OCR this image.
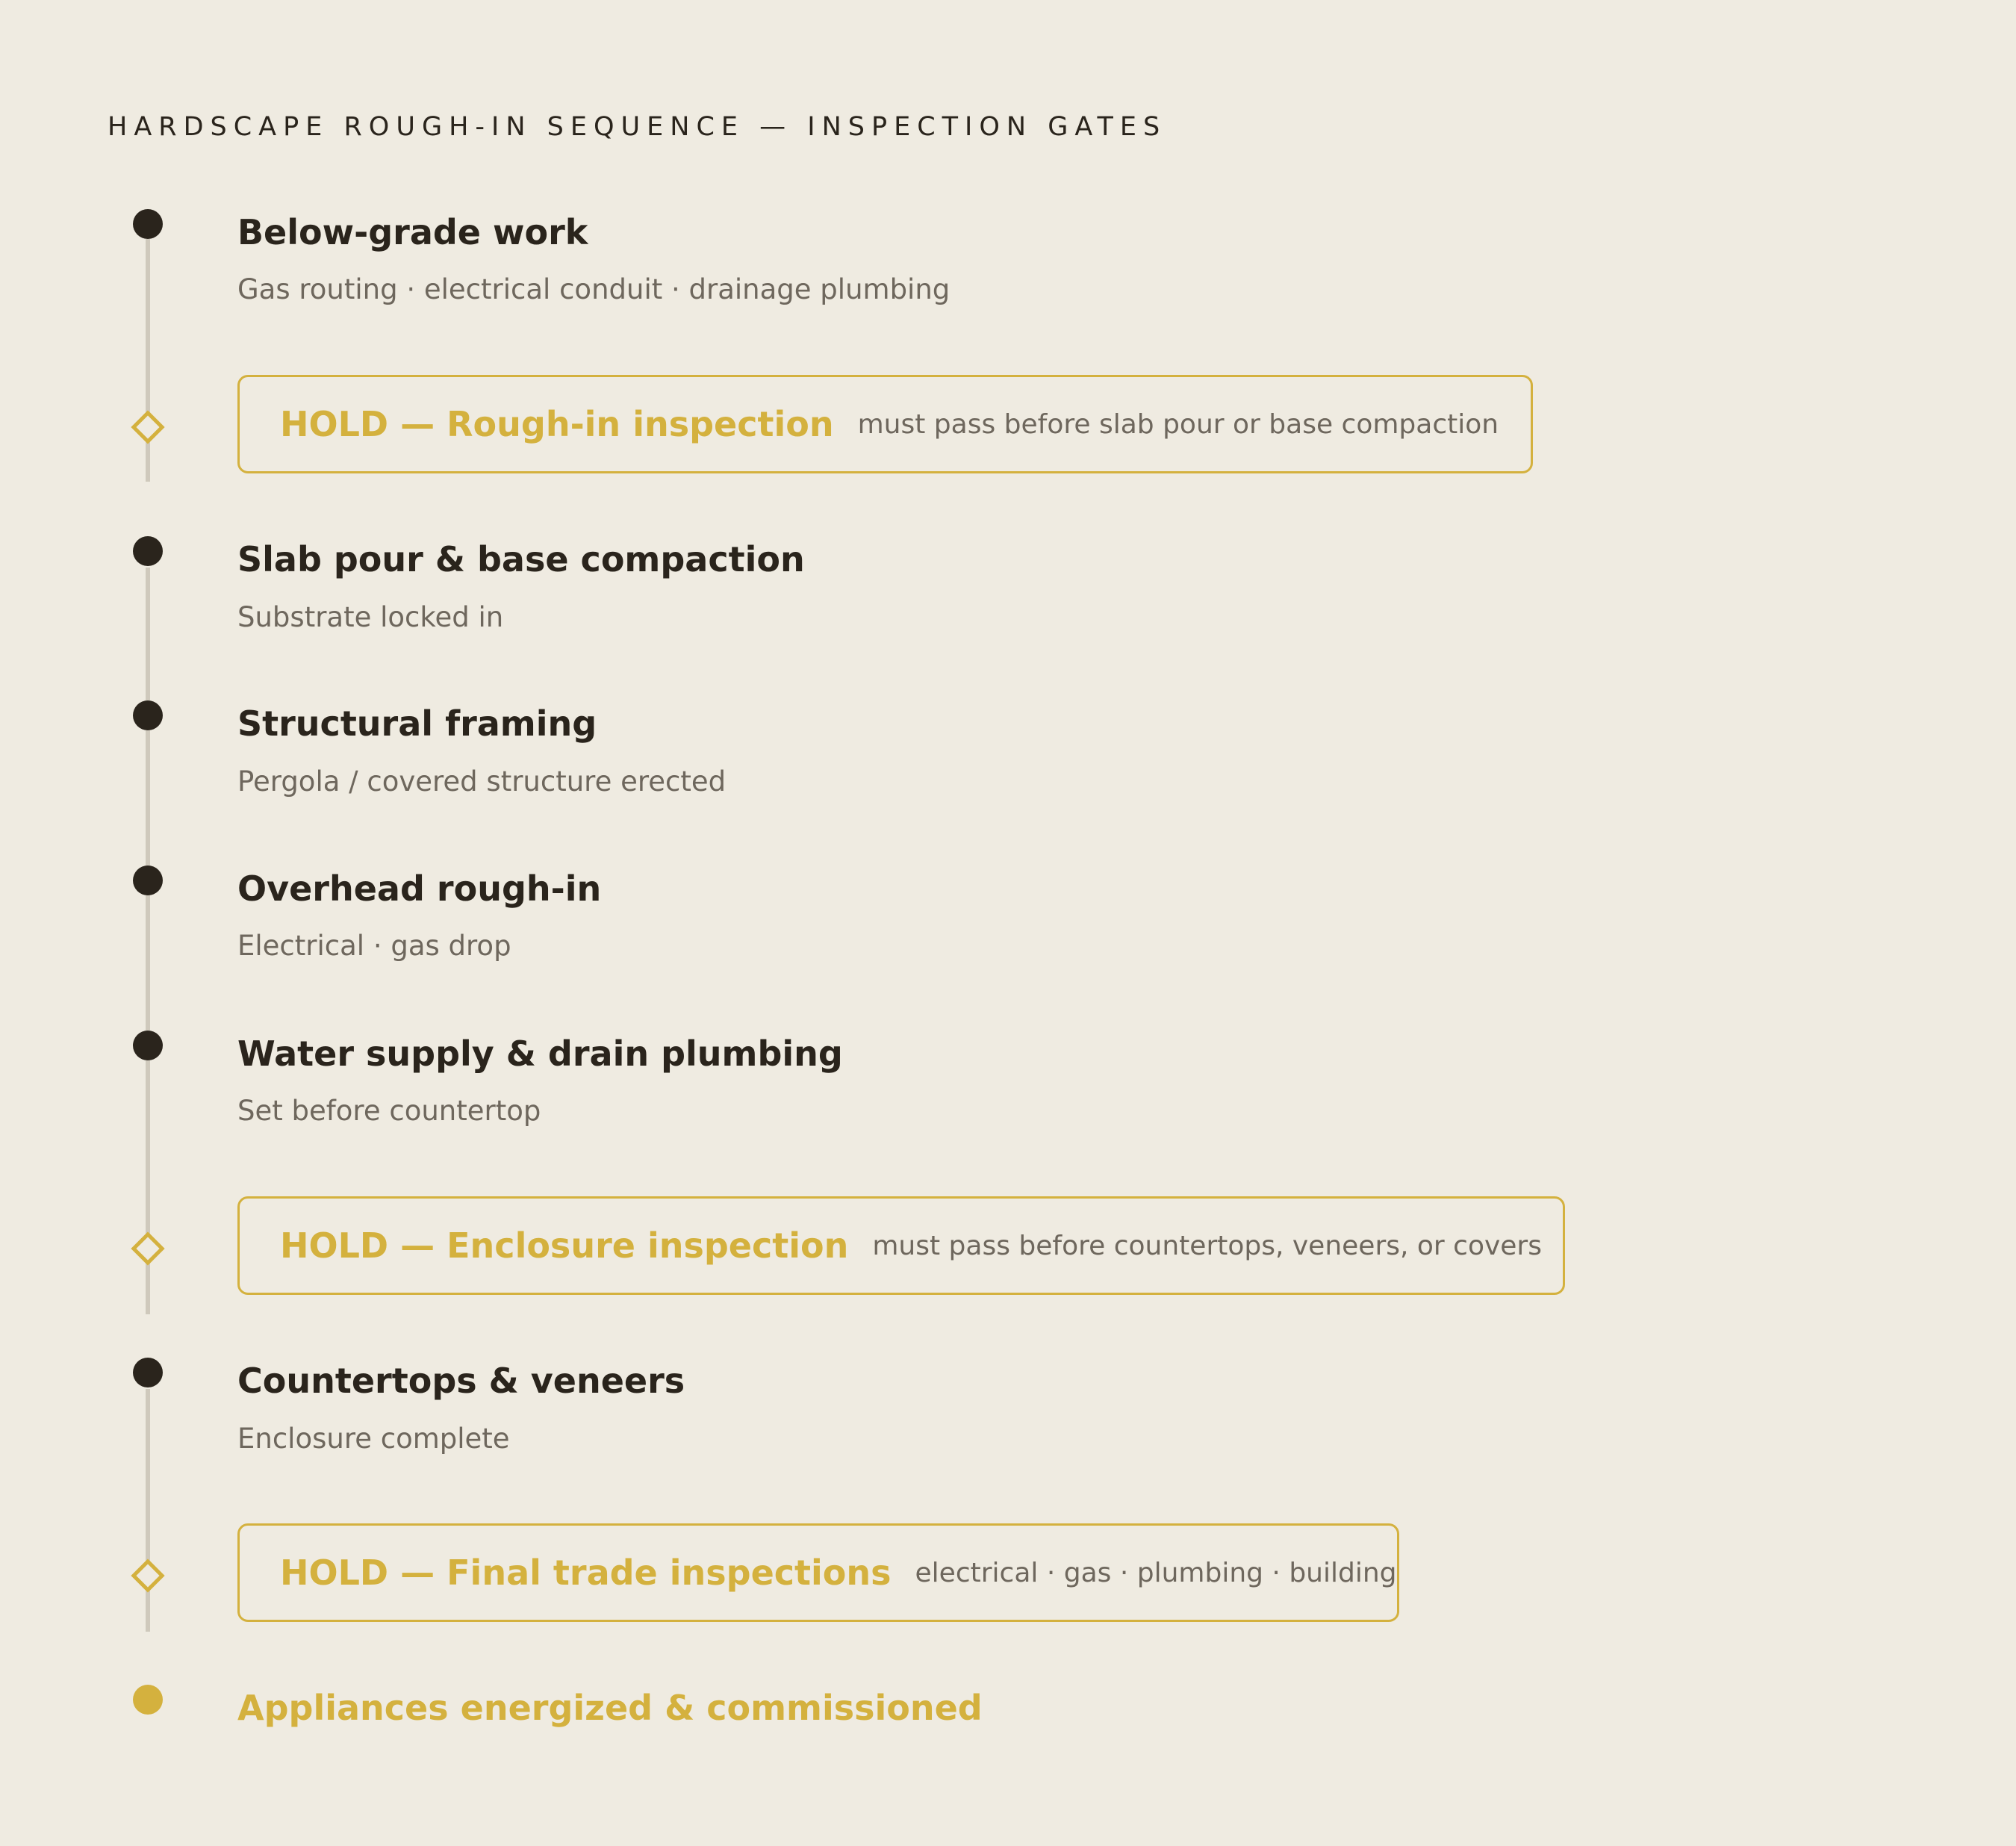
HARDSCAPE ROUGH-IN SEQUENCE — INSPECTION GATES
Below-grade work
Gas routing · electrical conduit · drainage plumbing
HOLD — Rough-in inspection must pass before slab pour or base compaction
Slab pour & base compaction
Substrate locked in
Structural framing
Pergola / covered structure erected
Overhead rough-in
Electrical · gas drop
Water supply & drain plumbing
Set before countertop
HOLD — Enclosure inspection must pass before countertops, veneers, or covers
Countertops & veneers
Enclosure complete
HOLD — Final trade inspections electrical · gas · plumbing · building
Appliances energized & commissioned
